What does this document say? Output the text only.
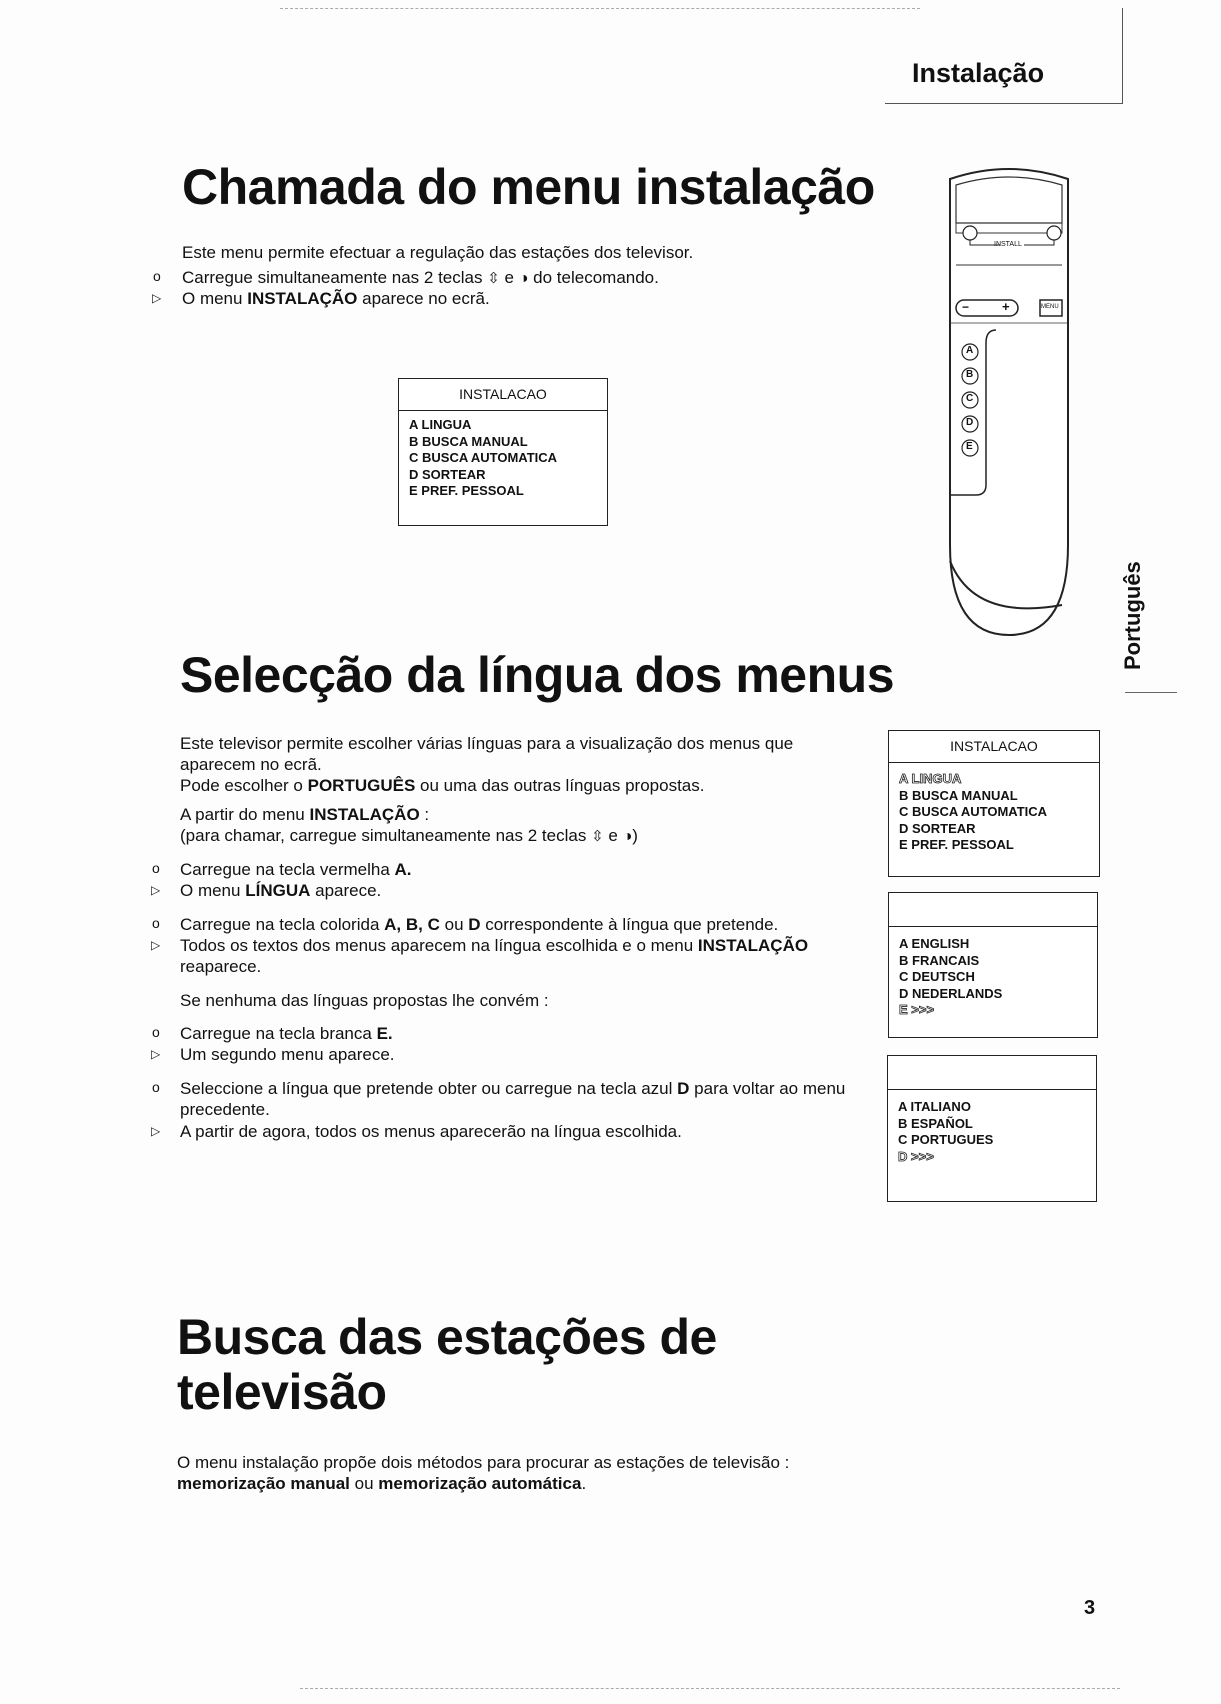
Instalação
Chamada do menu instalação
Este menu permite efectuar a regulação das estações dos televisor.
o
Carregue simultaneamente nas 2 teclas ⇳ e ◑ do telecomando.
▷
O menu INSTALAÇÃO aparece no ecrã.
INSTALACAO
A LINGUA
B BUSCA MANUAL
C BUSCA AUTOMATICA
D SORTEAR
E PREF. PESSOAL
INSTALL
−	+	MENU
A
B
C
D
E
Português
Selecção da língua dos menus
Este televisor permite escolher várias línguas para a visualização dos menus que aparecem no ecrã.
Pode escolher o PORTUGUÊS ou uma das outras línguas propostas.
A partir do menu INSTALAÇÃO :
(para chamar, carregue simultaneamente nas 2 teclas ⇳ e ◑)
o
Carregue na tecla vermelha A.
▷
O menu LÍNGUA aparece.
o
Carregue na tecla colorida A, B, C ou D correspondente à língua que pretende.
▷
Todos os textos dos menus aparecem na língua escolhida e o menu INSTALAÇÃO reaparece.
Se nenhuma das línguas propostas lhe convém :
o
Carregue na tecla branca E.
▷
Um segundo menu aparece.
o
Seleccione a língua que pretende obter ou carregue na tecla azul D para voltar ao menu precedente.
▷
A partir de agora, todos os menus aparecerão na língua escolhida.
INSTALACAO
A LINGUA
B BUSCA MANUAL
C BUSCA AUTOMATICA
D SORTEAR
E PREF. PESSOAL
A ENGLISH
B FRANCAIS
C DEUTSCH
D NEDERLANDS
E >>>
A ITALIANO
B ESPAÑOL
C PORTUGUES
D >>>
Busca das estações de
televisão
O menu instalação propõe dois métodos para procurar as estações de televisão :
memorização manual ou memorização automática.
3
